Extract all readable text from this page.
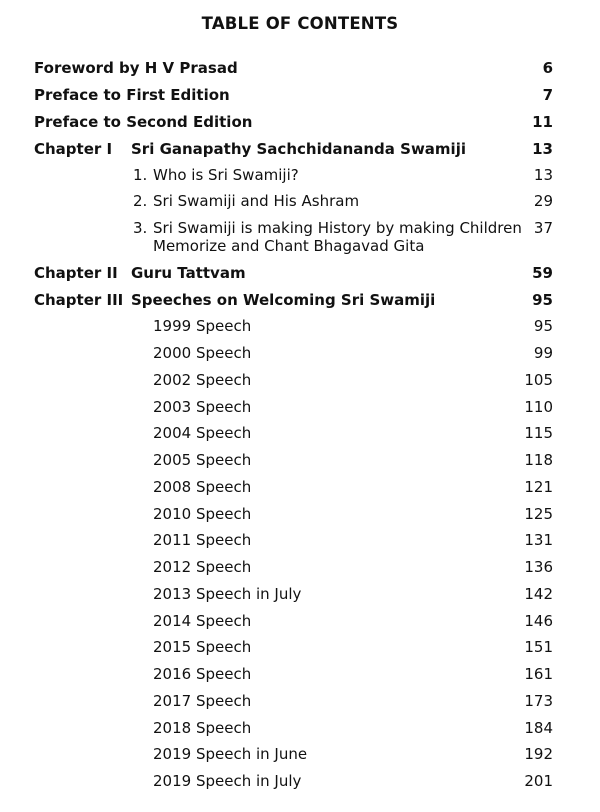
TABLE OF CONTENTS
Foreword by H V Prasad	6
Preface to First Edition	7
Preface to Second Edition	11
Chapter I Sri Ganapathy Sachchidananda Swamiji	13
1. Who is Sri Swamiji?	13
2. Sri Swamiji and His Ashram	29
3. Sri Swamiji is making History by making Children
Memorize and Chant Bhagavad Gita
37
Chapter II Guru Tattvam	59
Chapter III Speeches on Welcoming Sri Swamiji	95
1999 Speech	95
2000 Speech	99
2002 Speech	105
2003 Speech	110
2004 Speech	115
2005 Speech	118
2008 Speech	121
2010 Speech	125
2011 Speech	131
2012 Speech	136
2013 Speech in July	142
2014 Speech	146
2015 Speech	151
2016 Speech	161
2017 Speech	173
2018 Speech	184
2019 Speech in June	192
2019 Speech in July	201
